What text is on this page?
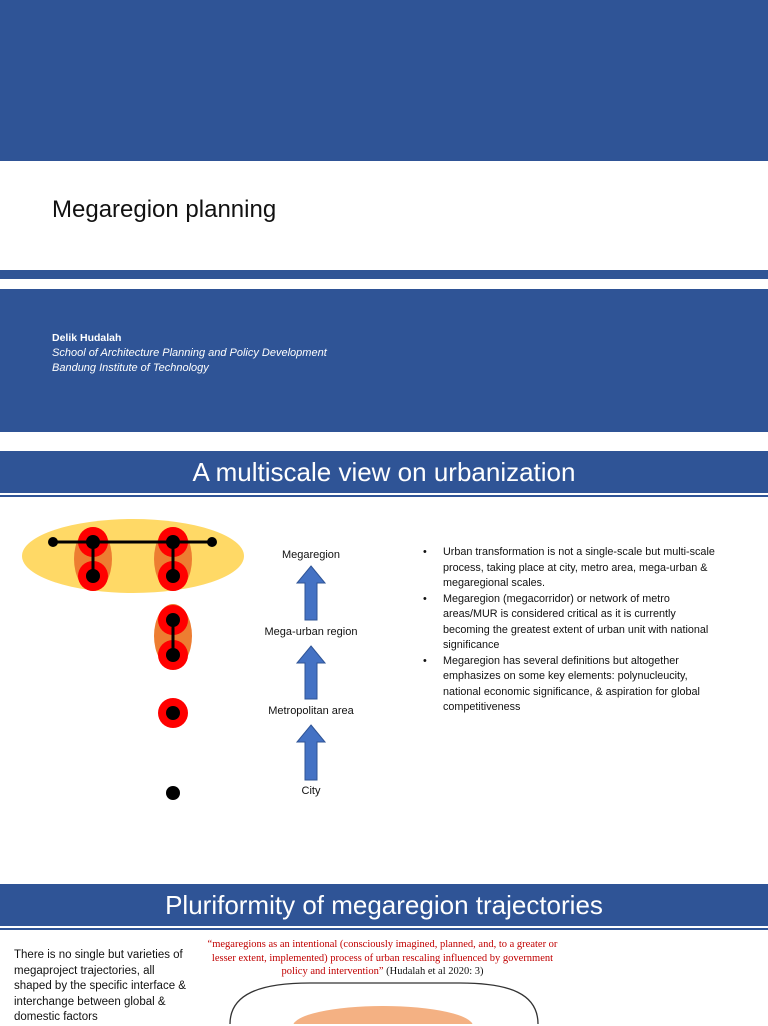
Megaregion planning
Delik Hudalah
School of Architecture Planning and Policy Development
Bandung Institute of Technology
A multiscale view on urbanization
Megaregion
Mega-urban region
Metropolitan area
City
• Urban transformation is not a single-scale but multi-scale process, taking place at city, metro area, mega-urban & megaregional scales.
• Megaregion (megacorridor) or network of metro areas/MUR is considered critical as it is currently becoming the greatest extent of urban unit with national significance
• Megaregion has several definitions but altogether emphasizes on some key elements: polynucleucity, national economic significance, & aspiration for global competitiveness
Pluriformity of megaregion trajectories
There is no single but varieties of megaproject trajectories, all shaped by the specific interface & interchange between global & domestic factors
“megaregions as an intentional (consciously imagined, planned, and, to a greater or lesser extent, implemented) process of urban rescaling influenced by government policy and intervention” (Hudalah et al 2020: 3)
